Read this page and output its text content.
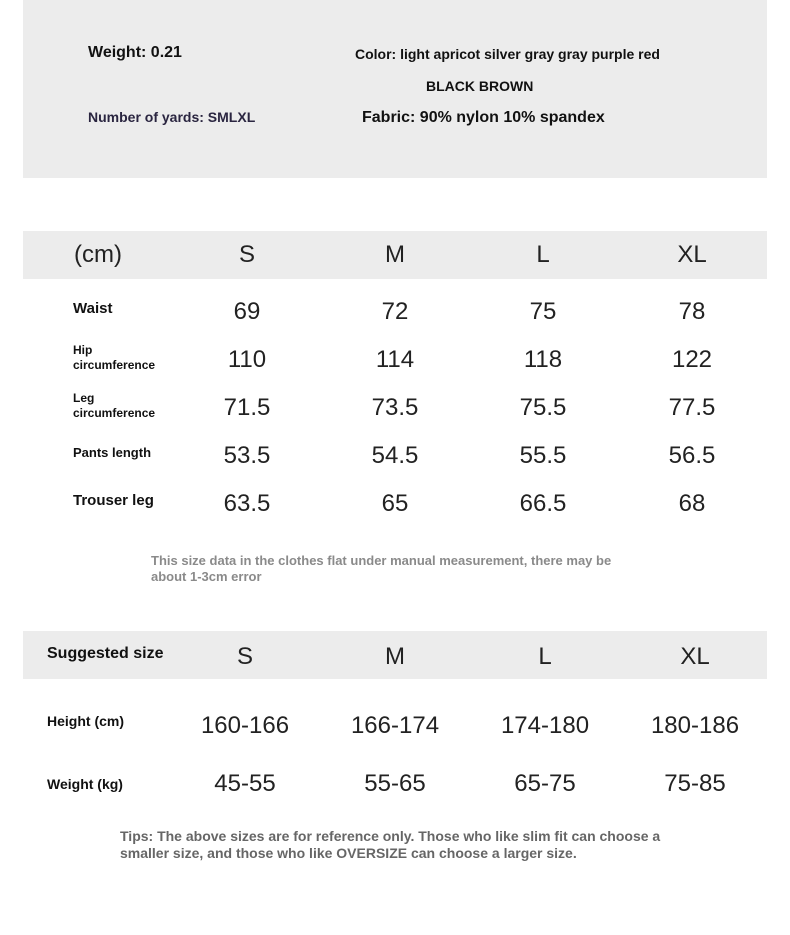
Weight: 0.21	Color: light apricot silver gray gray purple red
BLACK BROWN
Number of yards: SMLXL	Fabric: 90% nylon 10% spandex
(cm)	S	M	L	XL
Waist	69	72	75	78
Hip
circumference	110	114	118	122
Leg
circumference	71.5	73.5	75.5	77.5
Pants length	53.5	54.5	55.5	56.5
Trouser leg	63.5	65	66.5	68
This size data in the clothes flat under manual measurement, there may be
about 1-3cm error
Suggested size	S	M	L	XL
Height (cm)	160-166	166-174	174-180	180-186
Weight (kg)	45-55	55-65	65-75	75-85
Tips: The above sizes are for reference only. Those who like slim fit can choose a
smaller size, and those who like OVERSIZE can choose a larger size.
